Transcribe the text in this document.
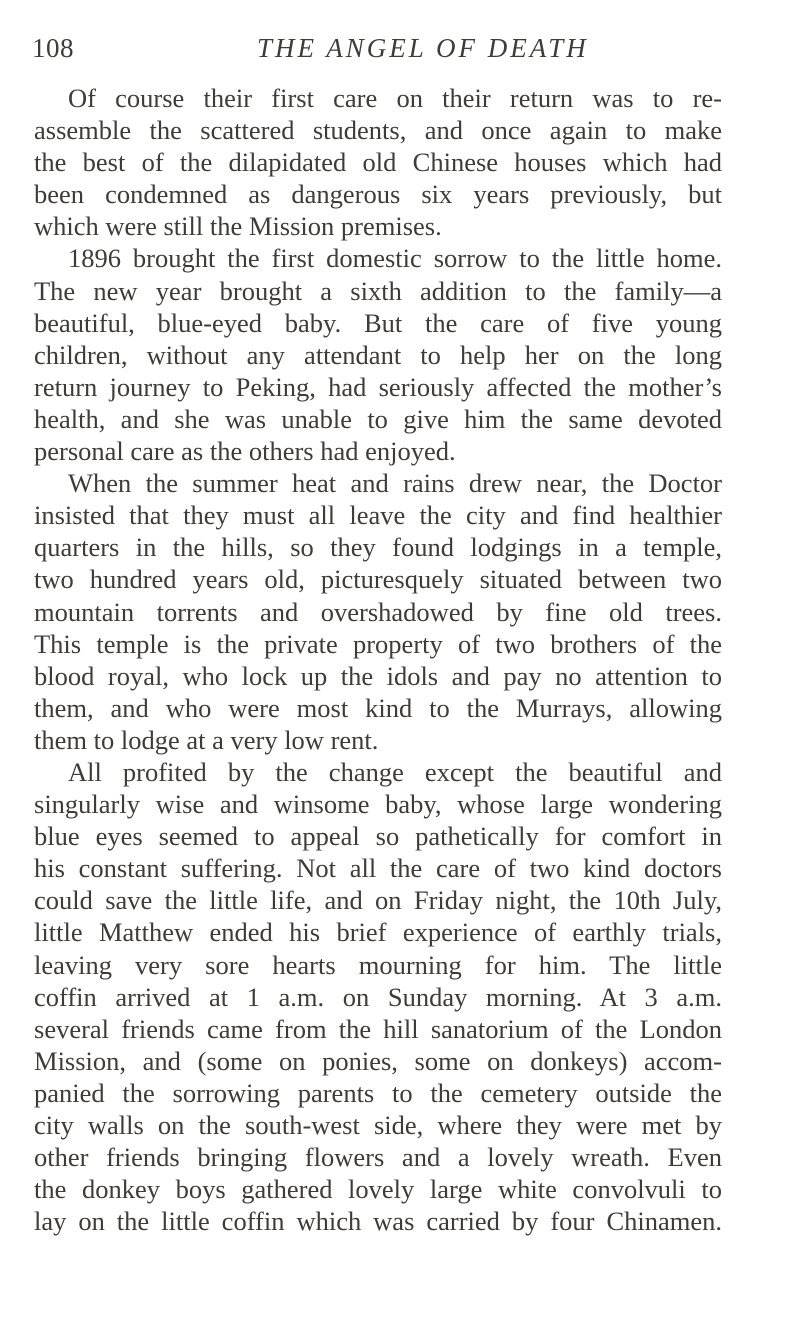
108	THE ANGEL OF DEATH
Of course their first care on their return was to re-
assemble the scattered students, and once again to make
the best of the dilapidated old Chinese houses which had
been condemned as dangerous six years previously, but
which were still the Mission premises.
1896 brought the first domestic sorrow to the little home.
The new year brought a sixth addition to the family—a
beautiful, blue-eyed baby. But the care of five young
children, without any attendant to help her on the long
return journey to Peking, had seriously affected the mother’s
health, and she was unable to give him the same devoted
personal care as the others had enjoyed.
When the summer heat and rains drew near, the Doctor
insisted that they must all leave the city and find healthier
quarters in the hills, so they found lodgings in a temple,
two hundred years old, picturesquely situated between two
mountain torrents and overshadowed by fine old trees.
This temple is the private property of two brothers of the
blood royal, who lock up the idols and pay no attention to
them, and who were most kind to the Murrays, allowing
them to lodge at a very low rent.
All profited by the change except the beautiful and
singularly wise and winsome baby, whose large wondering
blue eyes seemed to appeal so pathetically for comfort in
his constant suffering. Not all the care of two kind doctors
could save the little life, and on Friday night, the 10th July,
little Matthew ended his brief experience of earthly trials,
leaving very sore hearts mourning for him. The little
coffin arrived at 1 a.m. on Sunday morning. At 3 a.m.
several friends came from the hill sanatorium of the London
Mission, and (some on ponies, some on donkeys) accom-
panied the sorrowing parents to the cemetery outside the
city walls on the south-west side, where they were met by
other friends bringing flowers and a lovely wreath. Even
the donkey boys gathered lovely large white convolvuli to
lay on the little coffin which was carried by four Chinamen.
